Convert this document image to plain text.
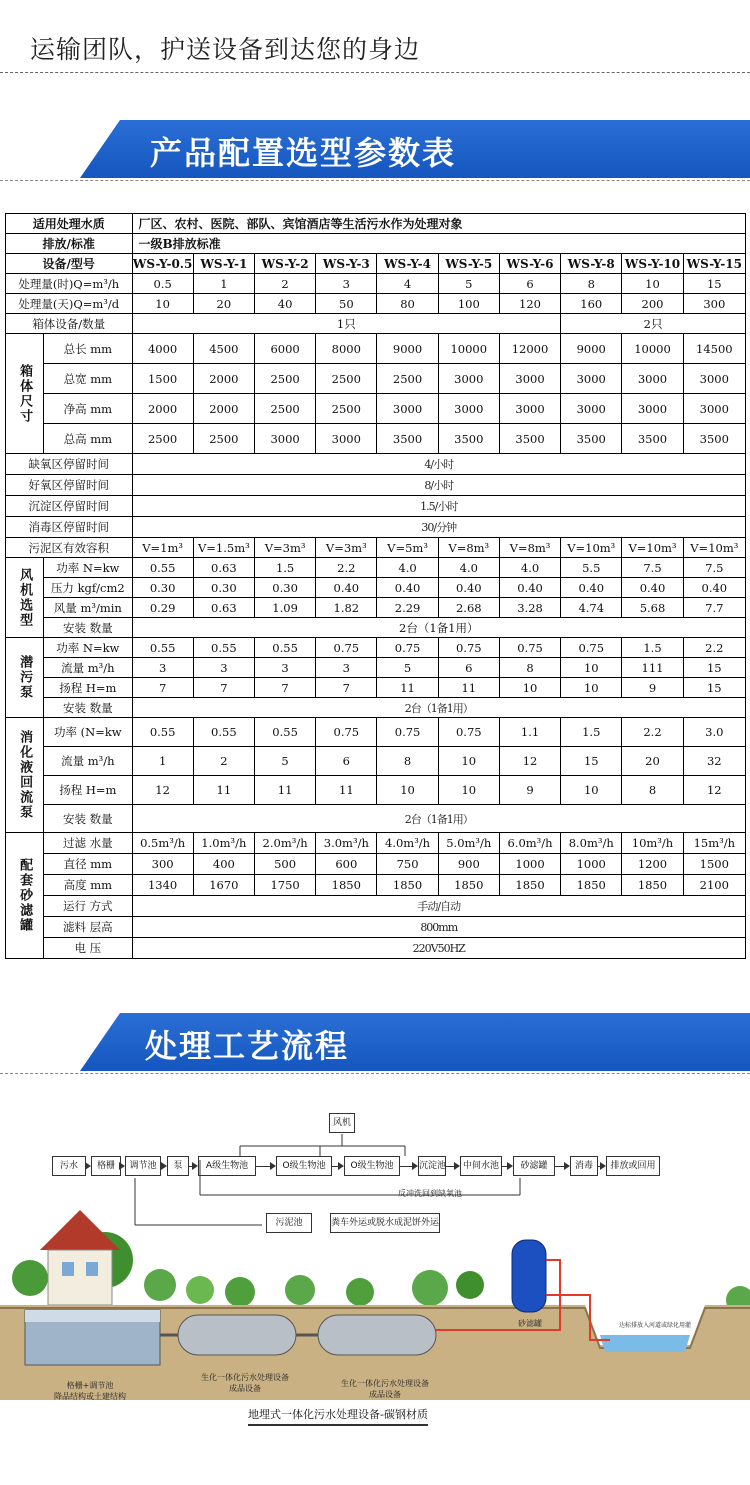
运输团队，护送设备到达您的身边
产品配置选型参数表
适用处理水质		厂区、农村、医院、部队、宾馆酒店等生活污水作为处理对象									
排放/标准		一级B排放标准									
设备/型号		WS-Y-0.5	WS-Y-1	WS-Y-2	WS-Y-3	WS-Y-4	WS-Y-5	WS-Y-6	WS-Y-8	WS-Y-10	WS-Y-15
处理量(时)Q=m³/h		0.5	1	2	3	4	5	6	8	10	15
处理量(天)Q=m³/d		10	20	40	50	80	100	120	160	200	300
箱体设备/数量		1只							2只		
箱体尺寸	总长 mm	4000	4500	6000	8000	9000	10000	12000	9000	10000	14500
	总宽 mm	1500	2000	2500	2500	2500	3000	3000	3000	3000	3000
	净高 mm	2000	2000	2500	2500	3000	3000	3000	3000	3000	3000
	总高 mm	2500	2500	3000	3000	3500	3500	3500	3500	3500	3500
缺氧区停留时间		4/小时									
好氧区停留时间		8/小时									
沉淀区停留时间		1.5/小时									
消毒区停留时间		30/分钟									
污泥区有效容积		V=1m³	V=1.5m³	V=3m³	V=3m³	V=5m³	V=8m³	V=8m³	V=10m³	V=10m³	V=10m³
风机选型	功率 N=kw	0.55	0.63	1.5	2.2	4.0	4.0	4.0	5.5	7.5	7.5
	压力 kgf/cm2	0.30	0.30	0.30	0.40	0.40	0.40	0.40	0.40	0.40	0.40
	风量 m³/min	0.29	0.63	1.09	1.82	2.29	2.68	3.28	4.74	5.68	7.7
	安装 数量	2台（1备1用）									
潜污泵	功率 N=kw	0.55	0.55	0.55	0.75	0.75	0.75	0.75	0.75	1.5	2.2
	流量 m³/h	3	3	3	3	5	6	8	10	111	15
	扬程 H=m	7	7	7	7	11	11	10	10	9	15
	安装 数量	2台（1备1用）									
消化液回流泵	功率 (N=kw	0.55	0.55	0.55	0.75	0.75	0.75	1.1	1.5	2.2	3.0
	流量 m³/h	1	2	5	6	8	10	12	15	20	32
	扬程 H=m	12	11	11	11	10	10	9	10	8	12
	安装 数量	2台（1备1用）									
配套砂滤罐	过滤 水量	0.5m³/h	1.0m³/h	2.0m³/h	3.0m³/h	4.0m³/h	5.0m³/h	6.0m³/h	8.0m³/h	10m³/h	15m³/h
	直径 mm	300	400	500	600	750	900	1000	1000	1200	1500
	高度 mm	1340	1670	1750	1850	1850	1850	1850	1850	1850	2100
	运行 方式	手动/自动									
	滤料 层高	800mm									
	电 压	220V50HZ									
处理工艺流程
风机
污水	格栅	调节池	泵	A级生物池	O级生物池	O级生物池	沉淀池	中间水池	砂滤罐	消毒	排放或回用
反冲洗回到缺氧池
污泥池	粪车外运或脱水成泥饼外运
格栅+调节池
降品结构或土建结构
生化一体化污水处理设备
成品设备
生化一体化污水处理设备
成品设备
砂滤罐	达标排放入河道或绿化用灌
地埋式一体化污水处理设备-碳钢材质
